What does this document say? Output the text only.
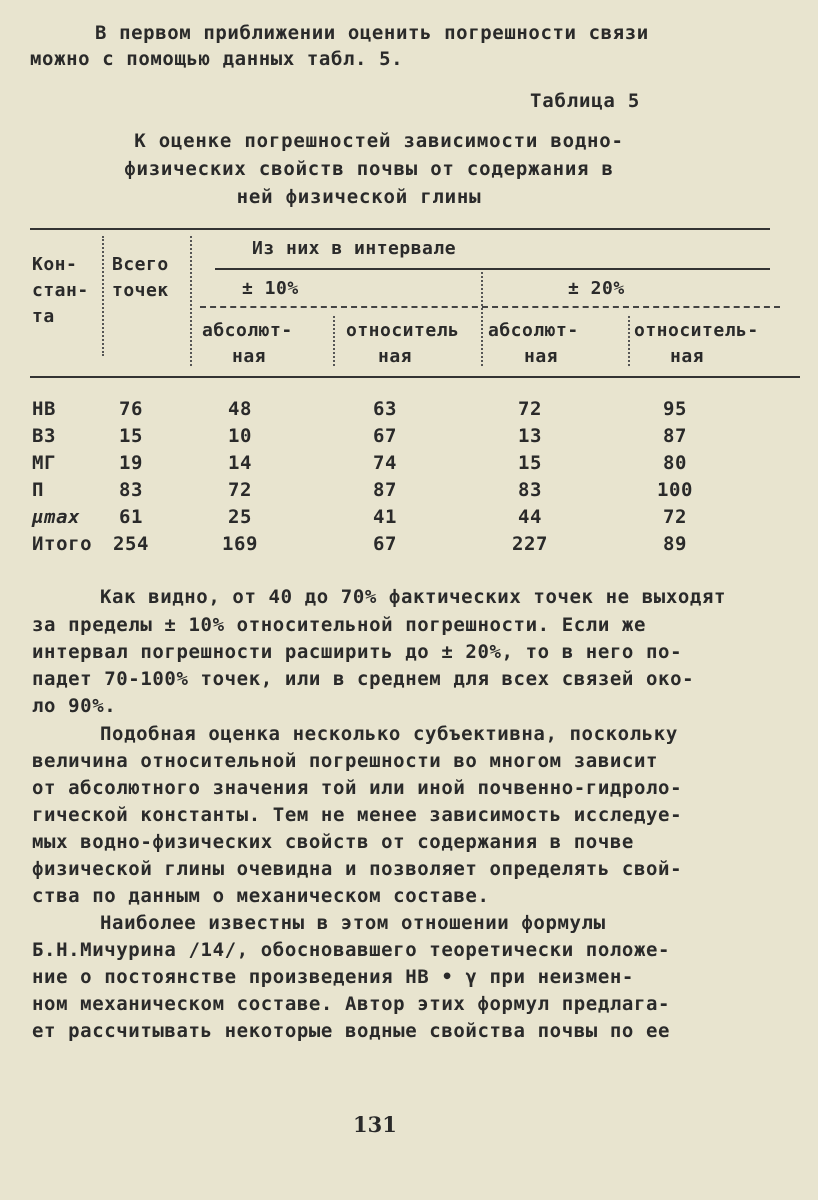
В первом приближении оценить погрешности связи
можно с помощью данных табл. 5.
Таблица 5
К оценке погрешностей зависимости водно-
физических свойств почвы от содержания в
ней физической глины
Кон-
стан-
та
Всего
точек
Из них в интервале
± 10%	± 20%
абсолют-
ная
относитель
ная
абсолют-
ная
относитель-
ная
НВ	76	48	63	72	95
ВЗ	15	10	67	13	87
МГ	19	14	74	15	80
П	83	72	87	83	100
μmax	61	25	41	44	72
Итого	254	169	67	227	89
Как видно, от 40 до 70% фактических точек не выходят
за пределы ± 10% относительной погрешности. Если же
интервал погрешности расширить до ± 20%, то в него по-
падет 70-100% точек, или в среднем для всех связей око-
ло 90%.
Подобная оценка несколько субъективна, поскольку
величина относительной погрешности во многом зависит
от абсолютного значения той или иной почвенно-гидроло-
гической константы. Тем не менее зависимость исследуе-
мых водно-физических свойств от содержания в почве
физической глины очевидна и позволяет определять свой-
ства по данным о механическом составе.
Наиболее известны в этом отношении формулы
Б.Н.Мичурина /14/, обосновавшего теоретически положе-
ние о постоянстве произведения НВ • γ при неизмен-
ном механическом составе. Автор этих формул предлага-
ет рассчитывать некоторые водные свойства почвы по ее
131
